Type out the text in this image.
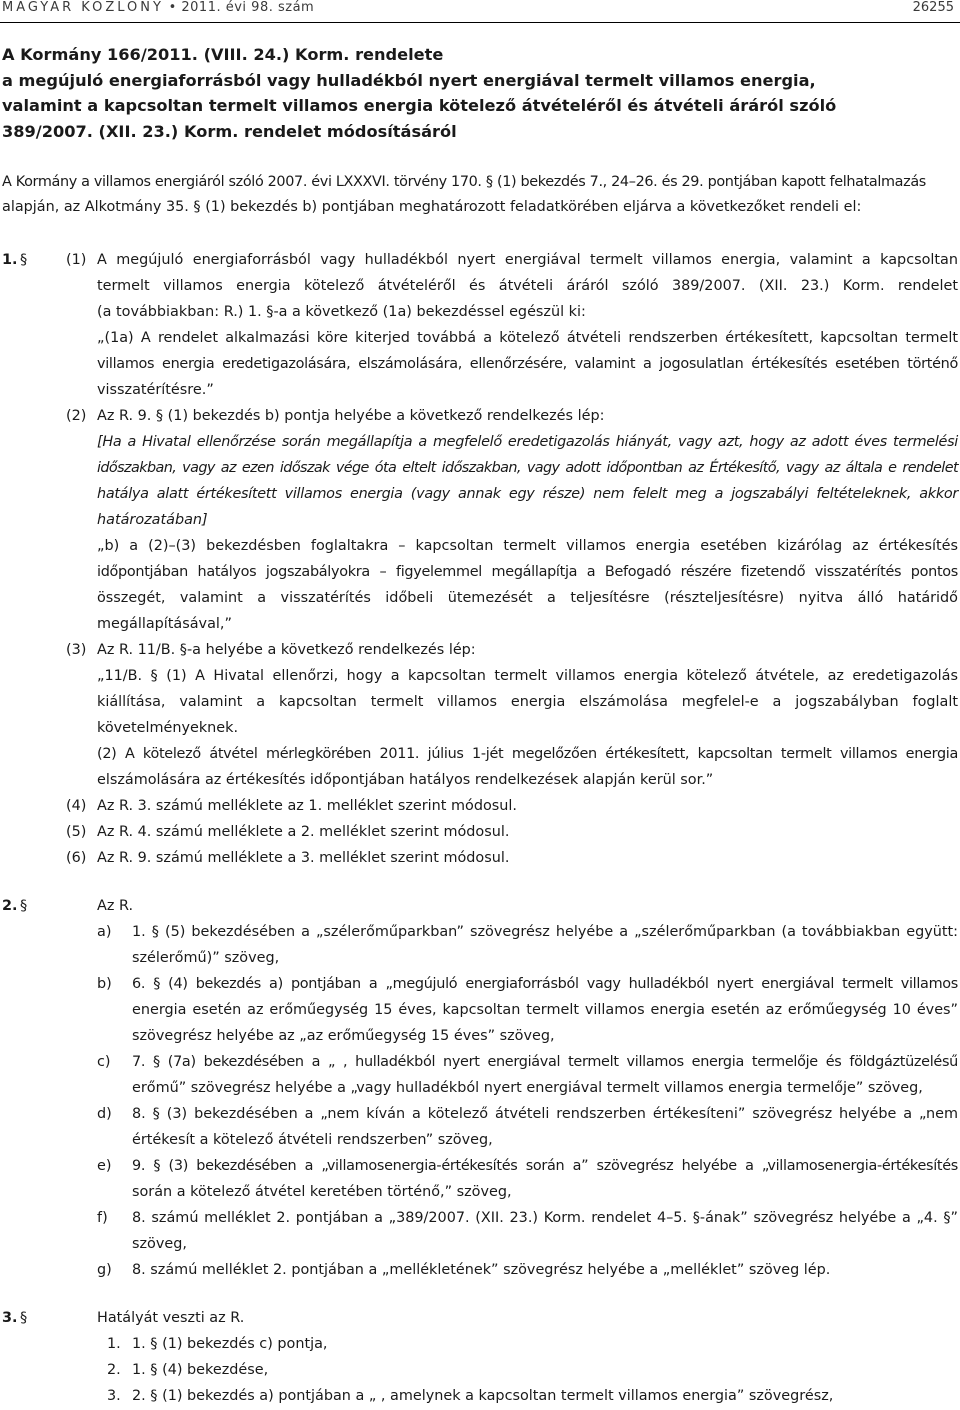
MAGYAR KÖZLÖNY • 2011. évi 98. szám	26255
A Kormány 166/2011. (VIII. 24.) Korm. rendelete
a megújuló energiaforrásból vagy hulladékból nyert energiával termelt villamos energia,
valamint a kapcsoltan termelt villamos energia kötelező átvételéről és átvételi áráról szóló
389/2007. (XII. 23.) Korm. rendelet módosításáról
A Kormány a villamos energiáról szóló 2007. évi LXXXVI. törvény 170. § (1) bekezdés 7., 24–26. és 29. pontjában kapott felhatalmazás
alapján, az Alkotmány 35. § (1) bekezdés b) pontjában meghatározott feladatkörében eljárva a következőket rendeli el:
1. §	(1) A megújuló energiaforrásból vagy hulladékból nyert energiával termelt villamos energia, valamint a kapcsoltan
termelt villamos energia kötelező átvételéről és átvételi áráról szóló 389/2007. (XII. 23.) Korm. rendelet
(a továbbiakban: R.) 1. §-a a következő (1a) bekezdéssel egészül ki:
„(1a) A rendelet alkalmazási köre kiterjed továbbá a kötelező átvételi rendszerben értékesített, kapcsoltan termelt
villamos energia eredetigazolására, elszámolására, ellenőrzésére, valamint a jogosulatlan értékesítés esetében történő
visszatérítésre.”
(2) Az R. 9. § (1) bekezdés b) pontja helyébe a következő rendelkezés lép:
[Ha a Hivatal ellenőrzése során megállapítja a megfelelő eredetigazolás hiányát, vagy azt, hogy az adott éves termelési
időszakban, vagy az ezen időszak vége óta eltelt időszakban, vagy adott időpontban az Értékesítő, vagy az általa e rendelet
hatálya alatt értékesített villamos energia (vagy annak egy része) nem felelt meg a jogszabályi feltételeknek, akkor
határozatában]
„b) a (2)–(3) bekezdésben foglaltakra – kapcsoltan termelt villamos energia esetében kizárólag az értékesítés
időpontjában hatályos jogszabályokra – figyelemmel megállapítja a Befogadó részére fizetendő visszatérítés pontos
összegét, valamint a visszatérítés időbeli ütemezését a teljesítésre (részteljesítésre) nyitva álló határidő
megállapításával,”
(3) Az R. 11/B. §-a helyébe a következő rendelkezés lép:
„11/B. § (1) A Hivatal ellenőrzi, hogy a kapcsoltan termelt villamos energia kötelező átvétele, az eredetigazolás
kiállítása, valamint a kapcsoltan termelt villamos energia elszámolása megfelel-e a jogszabályban foglalt
követelményeknek.
(2) A kötelező átvétel mérlegkörében 2011. július 1-jét megelőzően értékesített, kapcsoltan termelt villamos energia
elszámolására az értékesítés időpontjában hatályos rendelkezések alapján kerül sor.”
(4) Az R. 3. számú melléklete az 1. melléklet szerint módosul.
(5) Az R. 4. számú melléklete a 2. melléklet szerint módosul.
(6) Az R. 9. számú melléklete a 3. melléklet szerint módosul.
2. §	Az R.
a) 1. § (5) bekezdésében a „szélerőműparkban” szövegrész helyébe a „szélerőműparkban (a továbbiakban együtt:
szélerőmű)” szöveg,
b) 6. § (4) bekezdés a) pontjában a „megújuló energiaforrásból vagy hulladékból nyert energiával termelt villamos
energia esetén az erőműegység 15 éves, kapcsoltan termelt villamos energia esetén az erőműegység 10 éves”
szövegrész helyébe az „az erőműegység 15 éves” szöveg,
c) 7. § (7a) bekezdésében a „ , hulladékból nyert energiával termelt villamos energia termelője és földgáztüzelésű
erőmű” szövegrész helyébe a „vagy hulladékból nyert energiával termelt villamos energia termelője” szöveg,
d) 8. § (3) bekezdésében a „nem kíván a kötelező átvételi rendszerben értékesíteni” szövegrész helyébe a „nem
értékesít a kötelező átvételi rendszerben” szöveg,
e) 9. § (3) bekezdésében a „villamosenergia-értékesítés során a” szövegrész helyébe a „villamosenergia-értékesítés
során a kötelező átvétel keretében történő,” szöveg,
f) 8. számú melléklet 2. pontjában a „389/2007. (XII. 23.) Korm. rendelet 4–5. §-ának” szövegrész helyébe a „4. §”
szöveg,
g) 8. számú melléklet 2. pontjában a „mellékletének” szövegrész helyébe a „melléklet” szöveg lép.
3. §	Hatályát veszti az R.
1. 1. § (1) bekezdés c) pontja,
2. 1. § (4) bekezdése,
3. 2. § (1) bekezdés a) pontjában a „ , amelynek a kapcsoltan termelt villamos energia” szövegrész,
